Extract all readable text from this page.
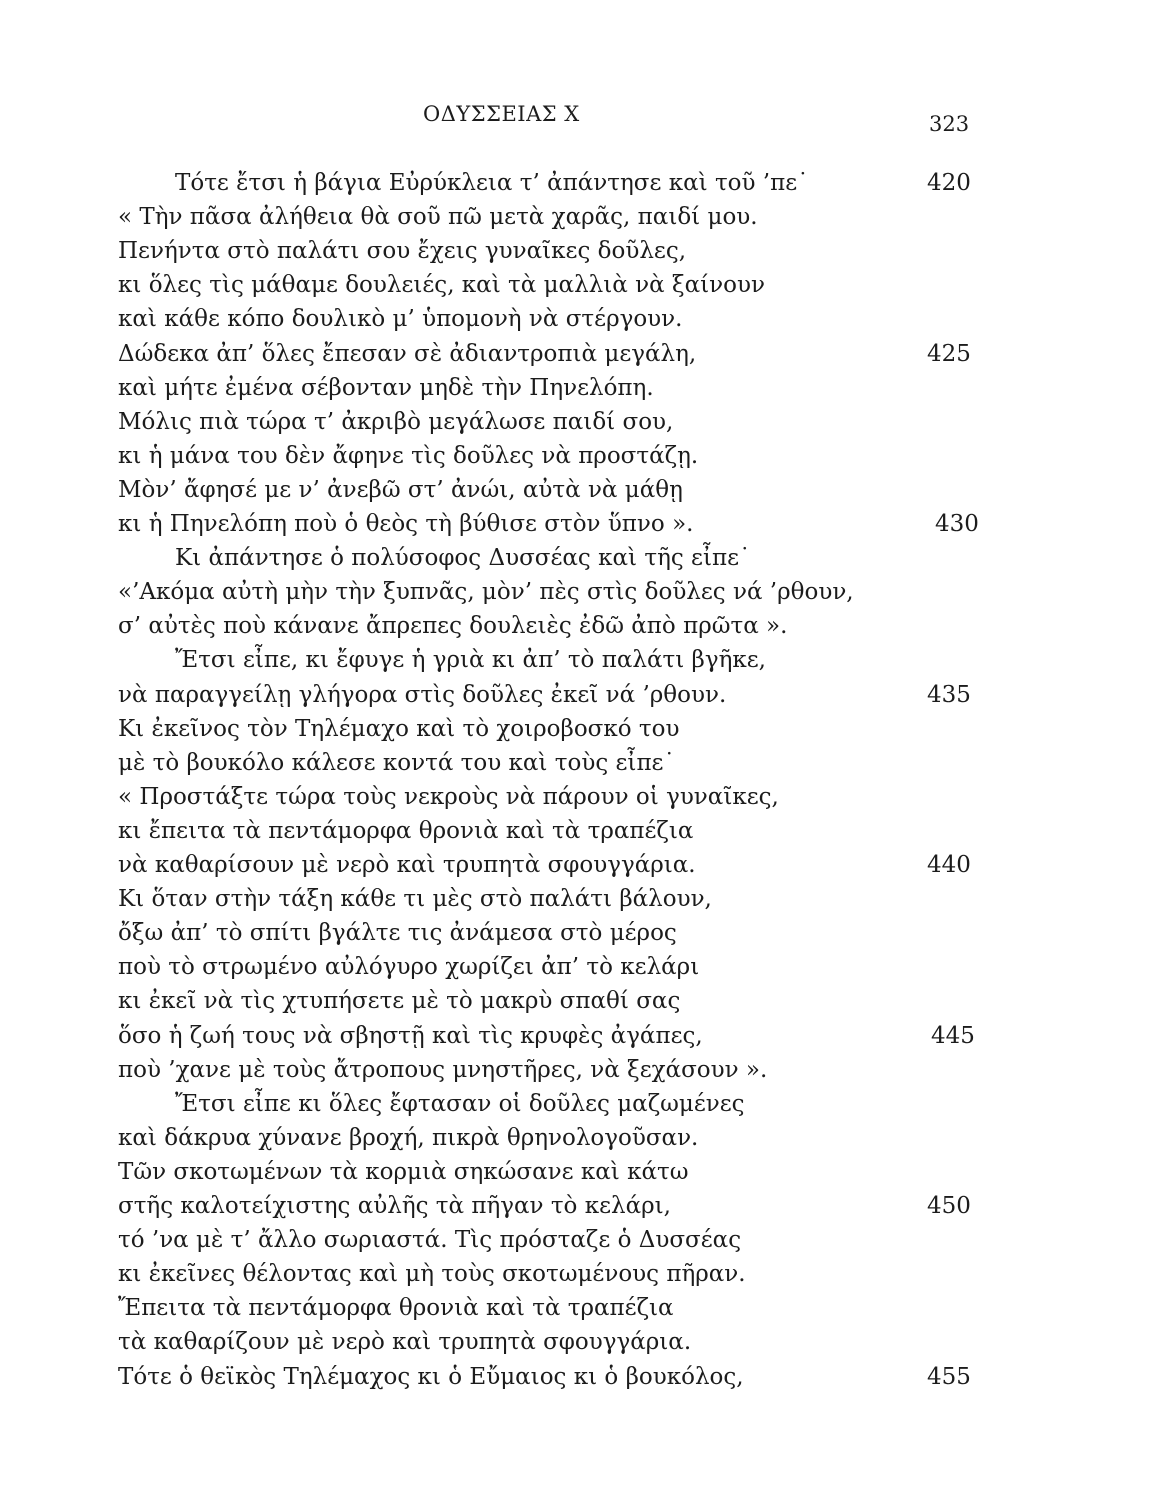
ΟΔΥΣΣΕΙΑΣ Χ	323
Τότε ἔτσι ἡ βάγια Εὐρύκλεια τ’ ἀπάντησε καὶ τοῦ ’πε˙	420
« Τὴν πᾶσα ἀλήθεια θὰ σοῦ πῶ μετὰ χαρᾶς, παιδί μου.
Πενήντα στὸ παλάτι σου ἔχεις γυναῖκες δοῦλες,
κι ὅλες τὶς μάθαμε δουλειές, καὶ τὰ μαλλιὰ νὰ ξαίνουν
καὶ κάθε κόπο δουλικὸ μ’ ὑπομονὴ νὰ στέργουν.
Δώδεκα ἀπ’ ὅλες ἔπεσαν σὲ ἀδιαντροπιὰ μεγάλη,	425
καὶ μήτε ἐμένα σέβονταν μηδὲ τὴν Πηνελόπη.
Μόλις πιὰ τώρα τ’ ἀκριβὸ μεγάλωσε παιδί σου,
κι ἡ μάνα του δὲν ἄφηνε τὶς δοῦλες νὰ προστάζῃ.
Μὸν’ ἄφησέ με ν’ ἀνεβῶ στ’ ἀνώι, αὐτὰ νὰ μάθῃ
κι ἡ Πηνελόπη ποὺ ὁ θεὸς τὴ βύθισε στὸν ὕπνο ».	430
Κι ἀπάντησε ὁ πολύσοφος Δυσσέας καὶ τῆς εἶπε˙
«’Ακόμα αὐτὴ μὴν τὴν ξυπνᾶς, μὸν’ πὲς στὶς δοῦλες νά ’ρθουν,
σ’ αὐτὲς ποὺ κάνανε ἄπρεπες δουλειὲς ἐδῶ ἀπὸ πρῶτα ».
Ἔτσι εἶπε, κι ἔφυγε ἡ γριὰ κι ἀπ’ τὸ παλάτι βγῆκε,
νὰ παραγγείλῃ γλήγορα στὶς δοῦλες ἐκεῖ νά ’ρθουν.	435
Κι ἐκεῖνος τὸν Τηλέμαχο καὶ τὸ χοιροβοσκό του
μὲ τὸ βουκόλο κάλεσε κοντά του καὶ τοὺς εἶπε˙
« Προστάξτε τώρα τοὺς νεκροὺς νὰ πάρουν οἱ γυναῖκες,
κι ἔπειτα τὰ πεντάμορφα θρονιὰ καὶ τὰ τραπέζια
νὰ καθαρίσουν μὲ νερὸ καὶ τρυπητὰ σφουγγάρια.	440
Κι ὅταν στὴν τάξη κάθε τι μὲς στὸ παλάτι βάλουν,
ὄξω ἀπ’ τὸ σπίτι βγάλτε τις ἀνάμεσα στὸ μέρος
ποὺ τὸ στρωμένο αὐλόγυρο χωρίζει ἀπ’ τὸ κελάρι
κι ἐκεῖ νὰ τὶς χτυπήσετε μὲ τὸ μακρὺ σπαθί σας
ὅσο ἡ ζωή τους νὰ σβηστῇ καὶ τὶς κρυφὲς ἀγάπες,	445
ποὺ ’χανε μὲ τοὺς ἄτροπους μνηστῆρες, νὰ ξεχάσουν ».
Ἔτσι εἶπε κι ὅλες ἔφτασαν οἱ δοῦλες μαζωμένες
καὶ δάκρυα χύνανε βροχή, πικρὰ θρηνολογοῦσαν.
Τῶν σκοτωμένων τὰ κορμιὰ σηκώσανε καὶ κάτω
στῆς καλοτείχιστης αὐλῆς τὰ πῆγαν τὸ κελάρι,	450
τό ’να μὲ τ’ ἄλλο σωριαστά. Τὶς πρόσταζε ὁ Δυσσέας
κι ἐκεῖνες θέλοντας καὶ μὴ τοὺς σκοτωμένους πῆραν.
Ἔπειτα τὰ πεντάμορφα θρονιὰ καὶ τὰ τραπέζια
τὰ καθαρίζουν μὲ νερὸ καὶ τρυπητὰ σφουγγάρια.
Τότε ὁ θεϊκὸς Τηλέμαχος κι ὁ Εὔμαιος κι ὁ βουκόλος,	455
